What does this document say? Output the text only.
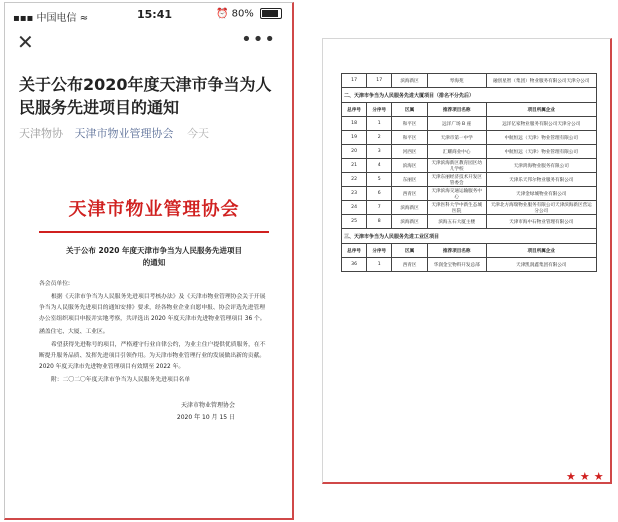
▪▪▪ 中国电信 ≈	15:41	⏰ 80%
✕	•••
关于公布2020年度天津市争当为人民服务先进项目的通知
天津物协 天津市物业管理协会 今天
天津市物业管理协会
关于公布 2020 年度天津市争当为人民服务先进项目
的通知

各会员单位:

根据《天津市争当为人民服务先进项目考核办法》及《天津市物业管理协会关于开展争当为人民服务先进项目的通知安排》要求，经各物业企业自愿申报、协会评选先进管理办公室组织项目申报并实地考察，共评选出 2020 年度天津市先进物业管理项目 36 个。

涵盖住宅、大厦、工业区。

希望获得先进称号的项目，严格遵守行业自律公约，为业主住户提供优质服务，在不断提升服务品质、发挥先进项目引领作用。为天津市物业管理行业的发展做出新的贡献。2020 年度天津市先进物业管理项目有效期至 2022 年。

附：二〇二〇年度天津市争当为人民服务先进项目名单

天津市物业管理协会
2020 年 10 月 15 日
17	17	滨海新区	琴海苑	融创星智（集团）物业服务有限公司天津分公司
二、天津市争当为人民服务先进大厦项目（排名不分先后）				
总序号	分序号	区属	推荐项目名称	项目所属企业
18	1	和平区	远洋广场 B 座	远洋亿家物业服务有限公司天津分公司
19	2	和平区	天津市第一中学	中航恒远（天津）物业管理有限公司
20	3	河西区	汇耀商业中心	中航恒远（天津）物业管理有限公司
21	4	滨海区	天津滨海新区教育园区幼儿学校	天津鸿海物业服务有限公司
22	5	东丽区	天津东丽经济技术开发区管委会	天津乐天邦尔物业服务有限公司
23	6	西青区	天津滨海交通运输服务中心	天津金绿城物业有限公司
24	7	滨海新区	天津医科大学中新生态城医院	天津北方海瑞物业服务有限公司天津滨海新区营运分公司
25	8	滨海新区	滨海五石大厦主楼	天津市海中石物业管理有限公司
三、天津市争当为人民服务先进工业区项目				
总序号	分序号	区属	推荐项目名称	项目所属企业
36	1	西青区	华润金宝物料开发总部	天津凯润鑫集团有限公司
★★★
